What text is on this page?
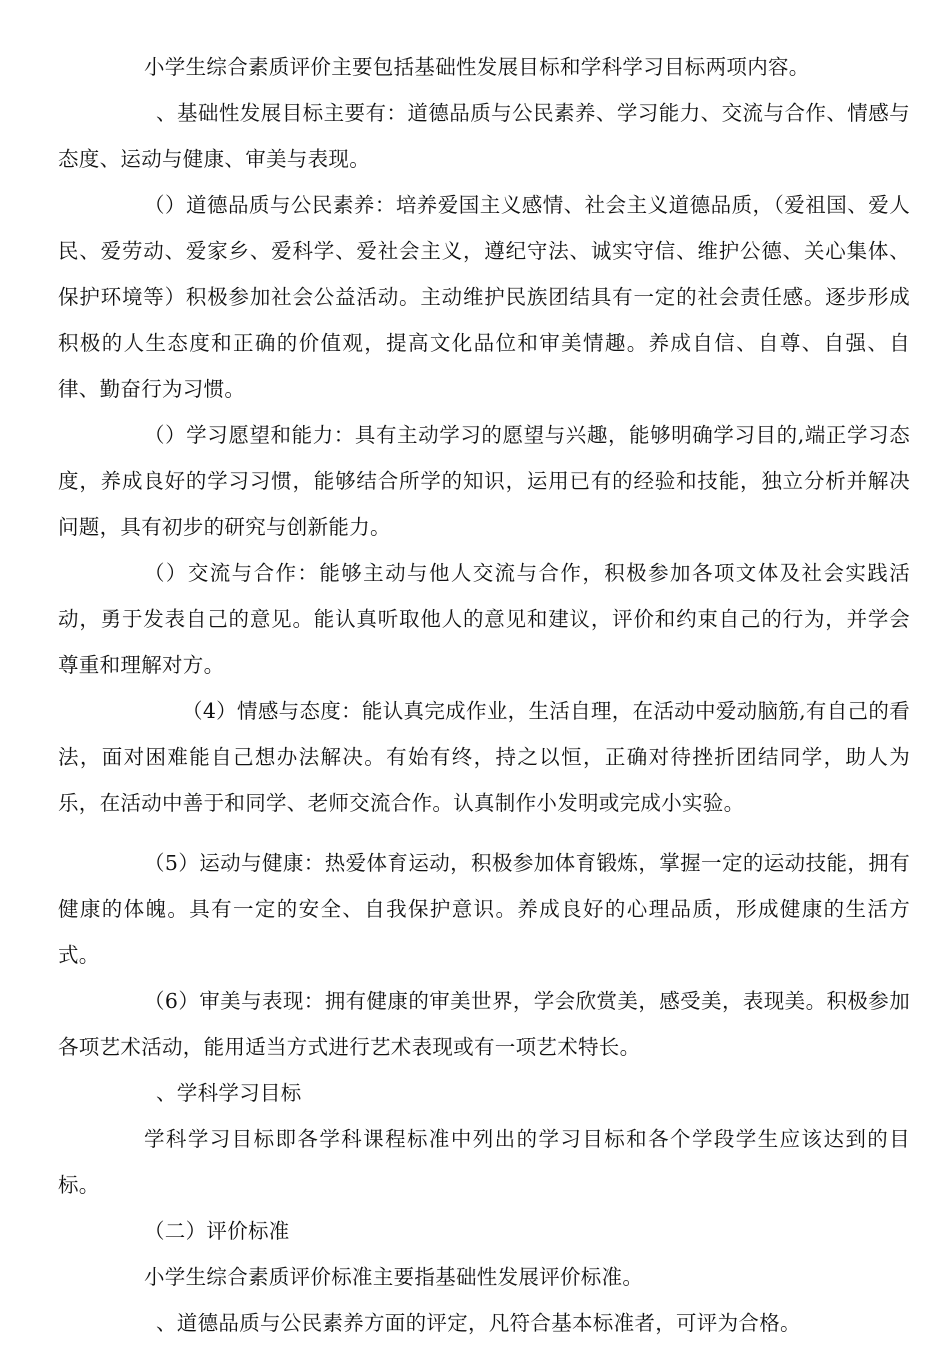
小学生综合素质评价主要包括基础性发展目标和学科学习目标两项内容。

、基础性发展目标主要有：道德品质与公民素养、学习能力、交流与合作、情感与态度、运动与健康、审美与表现。

（）道德品质与公民素养：培养爱国主义感情、社会主义道德品质，（爱祖国、爱人民、爱劳动、爱家乡、爱科学、爱社会主义，遵纪守法、诚实守信、维护公德、关心集体、保护环境等）积极参加社会公益活动。主动维护民族团结具有一定的社会责任感。逐步形成积极的人生态度和正确的价值观，提高文化品位和审美情趣。养成自信、自尊、自强、自律、勤奋行为习惯。

（）学习愿望和能力：具有主动学习的愿望与兴趣，能够明确学习目的,端正学习态度，养成良好的学习习惯，能够结合所学的知识，运用已有的经验和技能，独立分析并解决问题，具有初步的研究与创新能力。

（）交流与合作：能够主动与他人交流与合作，积极参加各项文体及社会实践活动，勇于发表自己的意见。能认真听取他人的意见和建议，评价和约束自己的行为，并学会尊重和理解对方。

（4）情感与态度：能认真完成作业，生活自理，在活动中爱动脑筋,有自己的看法，面对困难能自己想办法解决。有始有终，持之以恒，正确对待挫折团结同学，助人为乐，在活动中善于和同学、老师交流合作。认真制作小发明或完成小实验。

（5）运动与健康：热爱体育运动，积极参加体育锻炼，掌握一定的运动技能，拥有健康的体魄。具有一定的安全、自我保护意识。养成良好的心理品质，形成健康的生活方式。

（6）审美与表现：拥有健康的审美世界，学会欣赏美，感受美，表现美。积极参加各项艺术活动，能用适当方式进行艺术表现或有一项艺术特长。

、学科学习目标

学科学习目标即各学科课程标准中列出的学习目标和各个学段学生应该达到的目标。

（二）评价标准

小学生综合素质评价标准主要指基础性发展评价标准。

、道德品质与公民素养方面的评定，凡符合基本标准者，可评为合格。
